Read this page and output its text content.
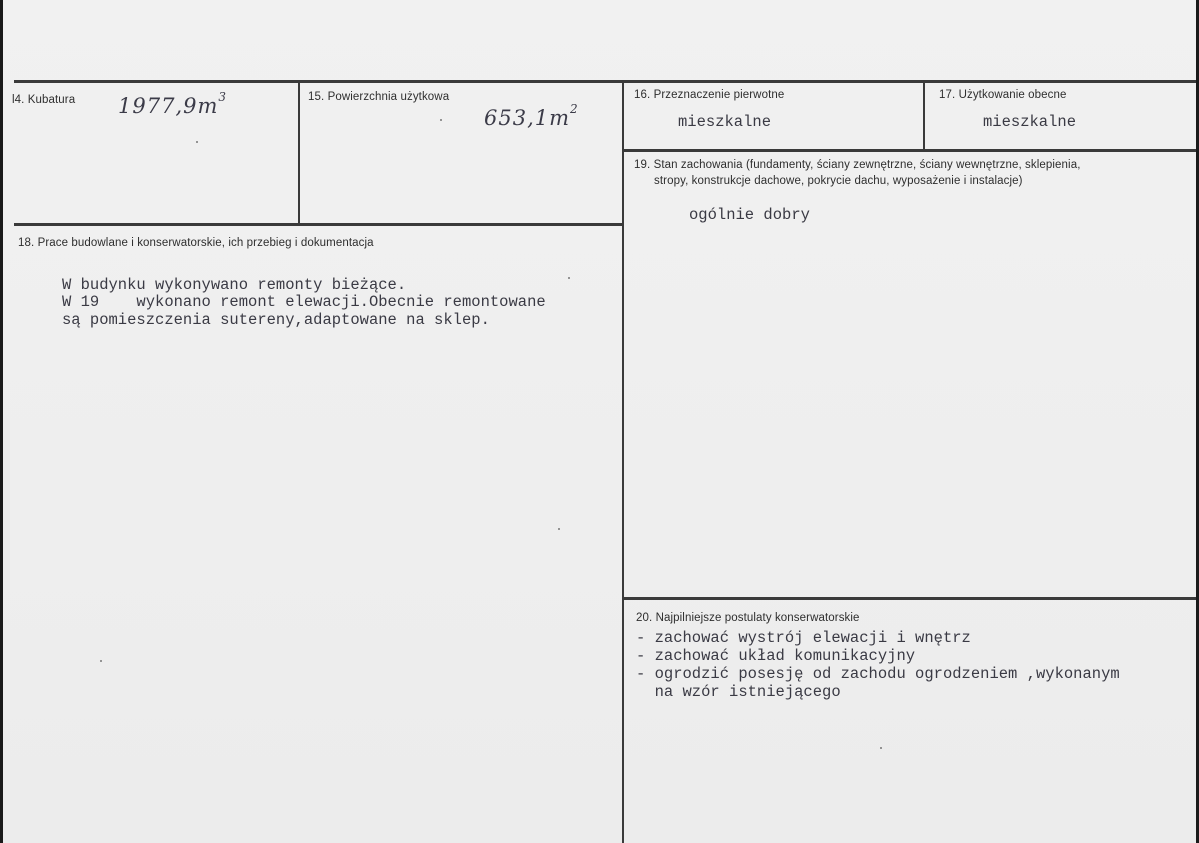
l4. Kubatura $1977,9m^3$	15. Powierzchnia użytkowa
$653,1m^2$
16. Przeznaczenie pierwotne
mieszkalne
17. Użytkowanie obecne
mieszkalne
19. Stan zachowania (fundamenty, ściany zewnętrzne, ściany wewnętrzne, sklepienia,
stropy, konstrukcje dachowe, pokrycie dachu, wyposażenie i instalacje)
ogólnie dobry
18. Prace budowlane i konserwatorskie, ich przebieg i dokumentacja
W budynku wykonywano remonty bieżące.
W 19    wykonano remont elewacji.Obecnie remontowane
są pomieszczenia sutereny,adaptowane na sklep.
20. Najpilniejsze postulaty konserwatorskie
- zachować wystrój elewacji i wnętrz
- zachować układ komunikacyjny
- ogrodzić posesję od zachodu ogrodzeniem ,wykonanym
na wzór istniejącego
